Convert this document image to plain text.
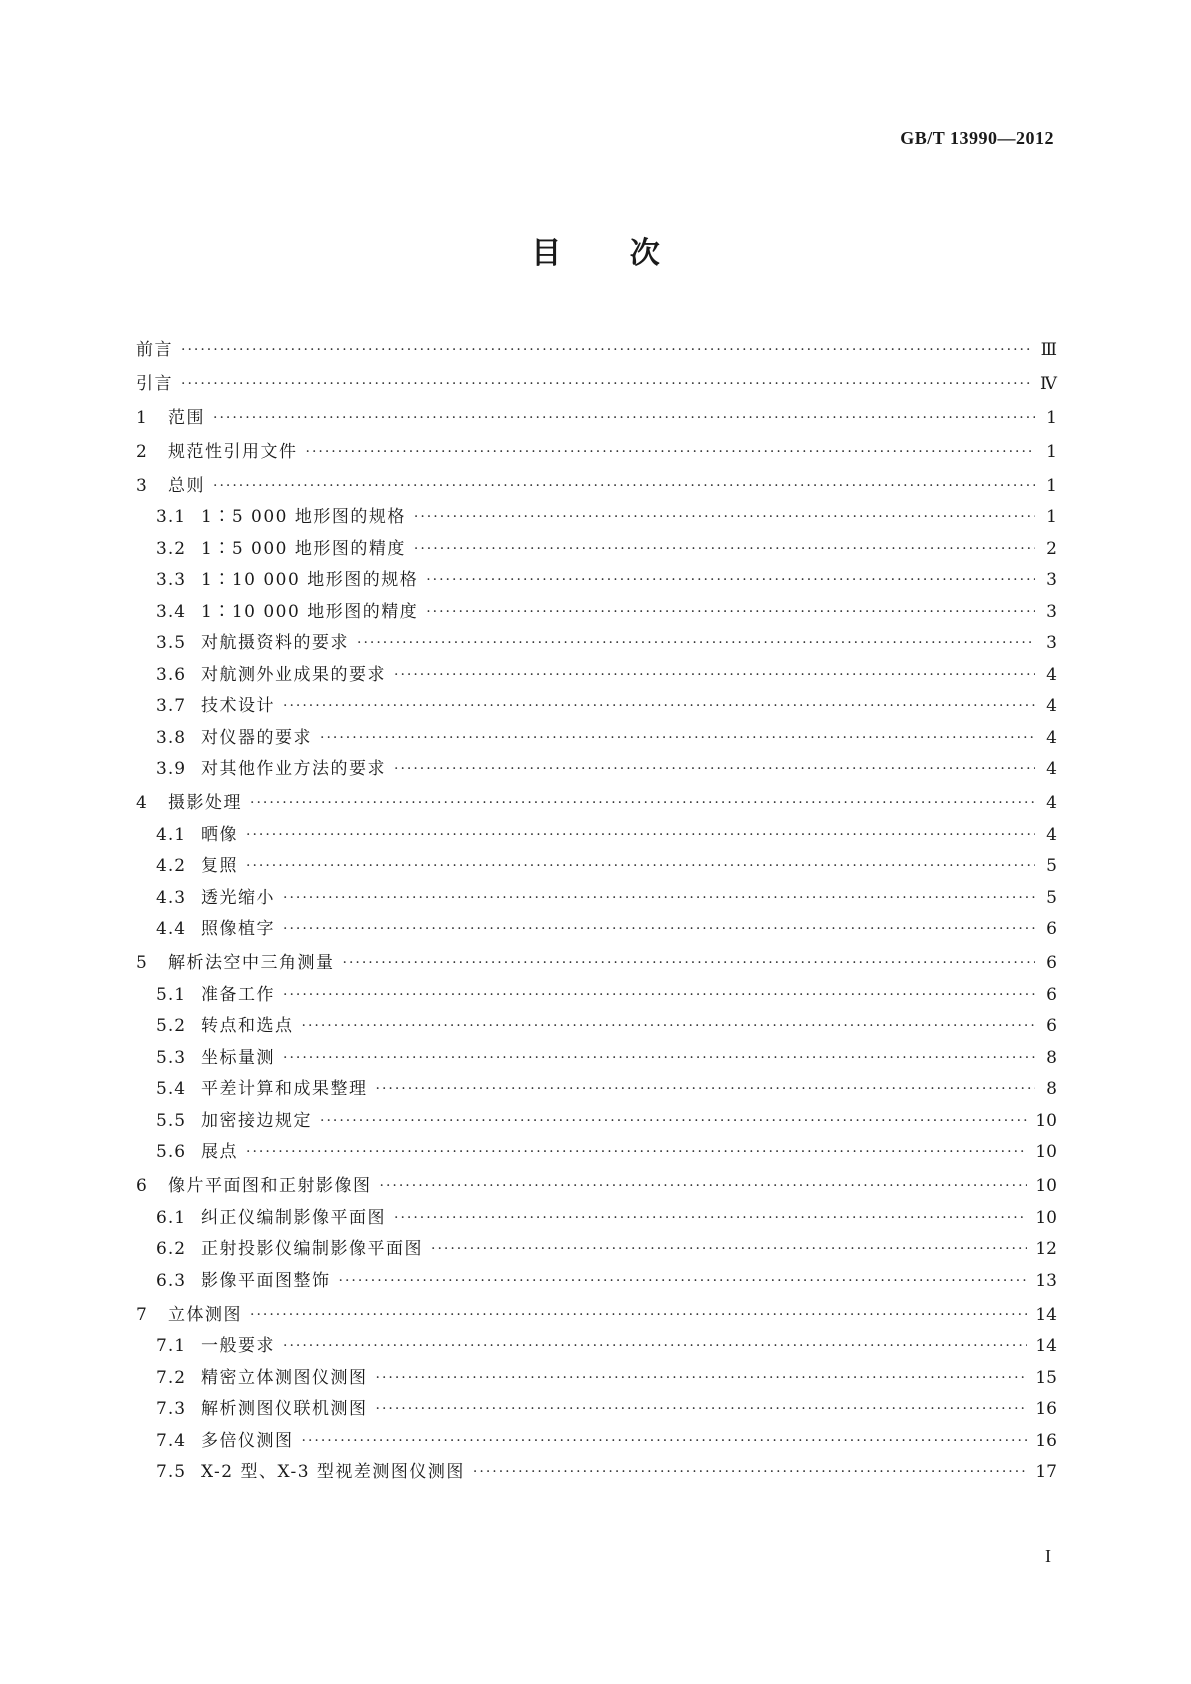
GB/T 13990—2012
目 次
前言 ·····	Ⅲ
引言 ·····	Ⅳ
1	范围 ·····	1
2	规范性引用文件 ·····	1
3	总则 ·····	1
3.1 1∶5 000 地形图的规格 ·····	1
3.2 1∶5 000 地形图的精度 ·····	2
3.3 1∶10 000 地形图的规格 ·····	3
3.4 1∶10 000 地形图的精度 ·····	3
3.5 对航摄资料的要求 ·····	3
3.6 对航测外业成果的要求 ·····	4
3.7 技术设计 ·····	4
3.8 对仪器的要求 ·····	4
3.9 对其他作业方法的要求 ·····	4
4	摄影处理 ·····	4
4.1 晒像 ·····	4
4.2 复照 ·····	5
4.3 透光缩小 ·····	5
4.4 照像植字 ·····	6
5	解析法空中三角测量 ·····	6
5.1 准备工作 ·····	6
5.2 转点和选点 ·····	6
5.3 坐标量测 ·····	8
5.4 平差计算和成果整理 ·····	8
5.5 加密接边规定 ·····	10
5.6 展点 ·····	10
6	像片平面图和正射影像图 ·····	10
6.1 纠正仪编制影像平面图 ·····	10
6.2 正射投影仪编制影像平面图 ·····	12
6.3 影像平面图整饰 ·····	13
7	立体测图 ·····	14
7.1 一般要求 ·····	14
7.2 精密立体测图仪测图 ·····	15
7.3 解析测图仪联机测图 ·····	16
7.4 多倍仪测图 ·····	16
7.5 X-2 型、X-3 型视差测图仪测图 ·····	17
I
